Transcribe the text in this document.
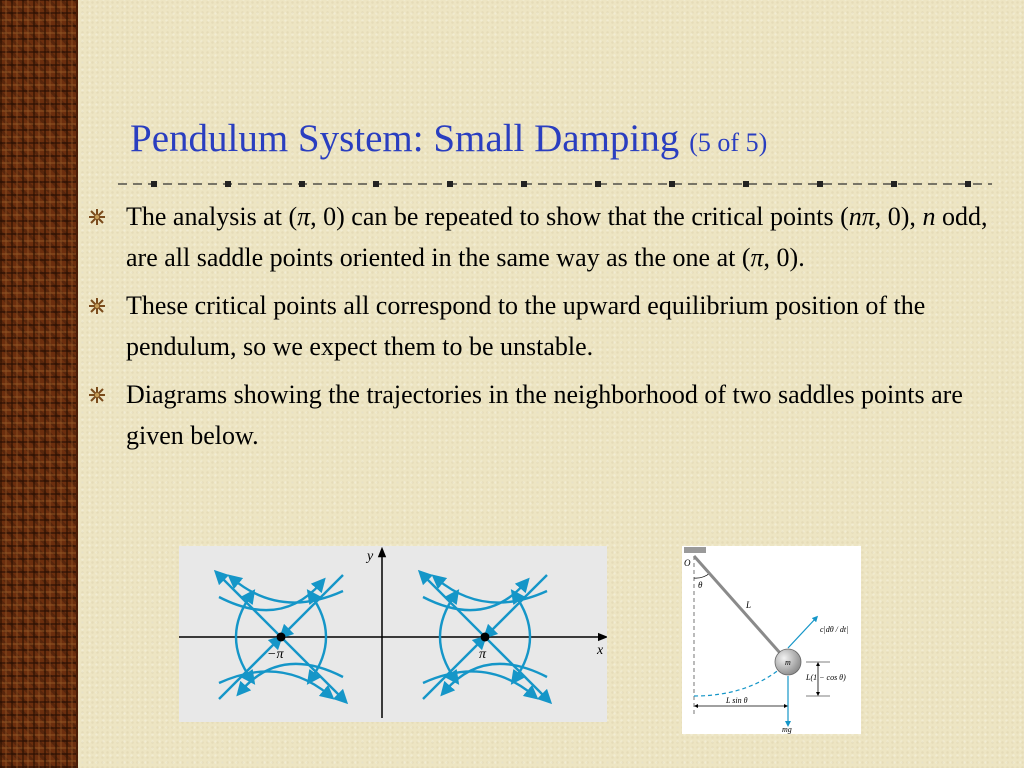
Pendulum System: Small Damping (5 of 5)
The analysis at (π, 0) can be repeated to show that the critical points (nπ, 0), n odd, are all saddle points oriented in the same way as the one at (π, 0).
These critical points all correspond to the upward equilibrium position of the pendulum, so we expect them to be unstable.
Diagrams showing the trajectories in the neighborhood of two saddles points are given below.
y
x
−π	π
O
θ
L
m
c|dθ / dt|
L(1 − cos θ)
L sin θ
mg
